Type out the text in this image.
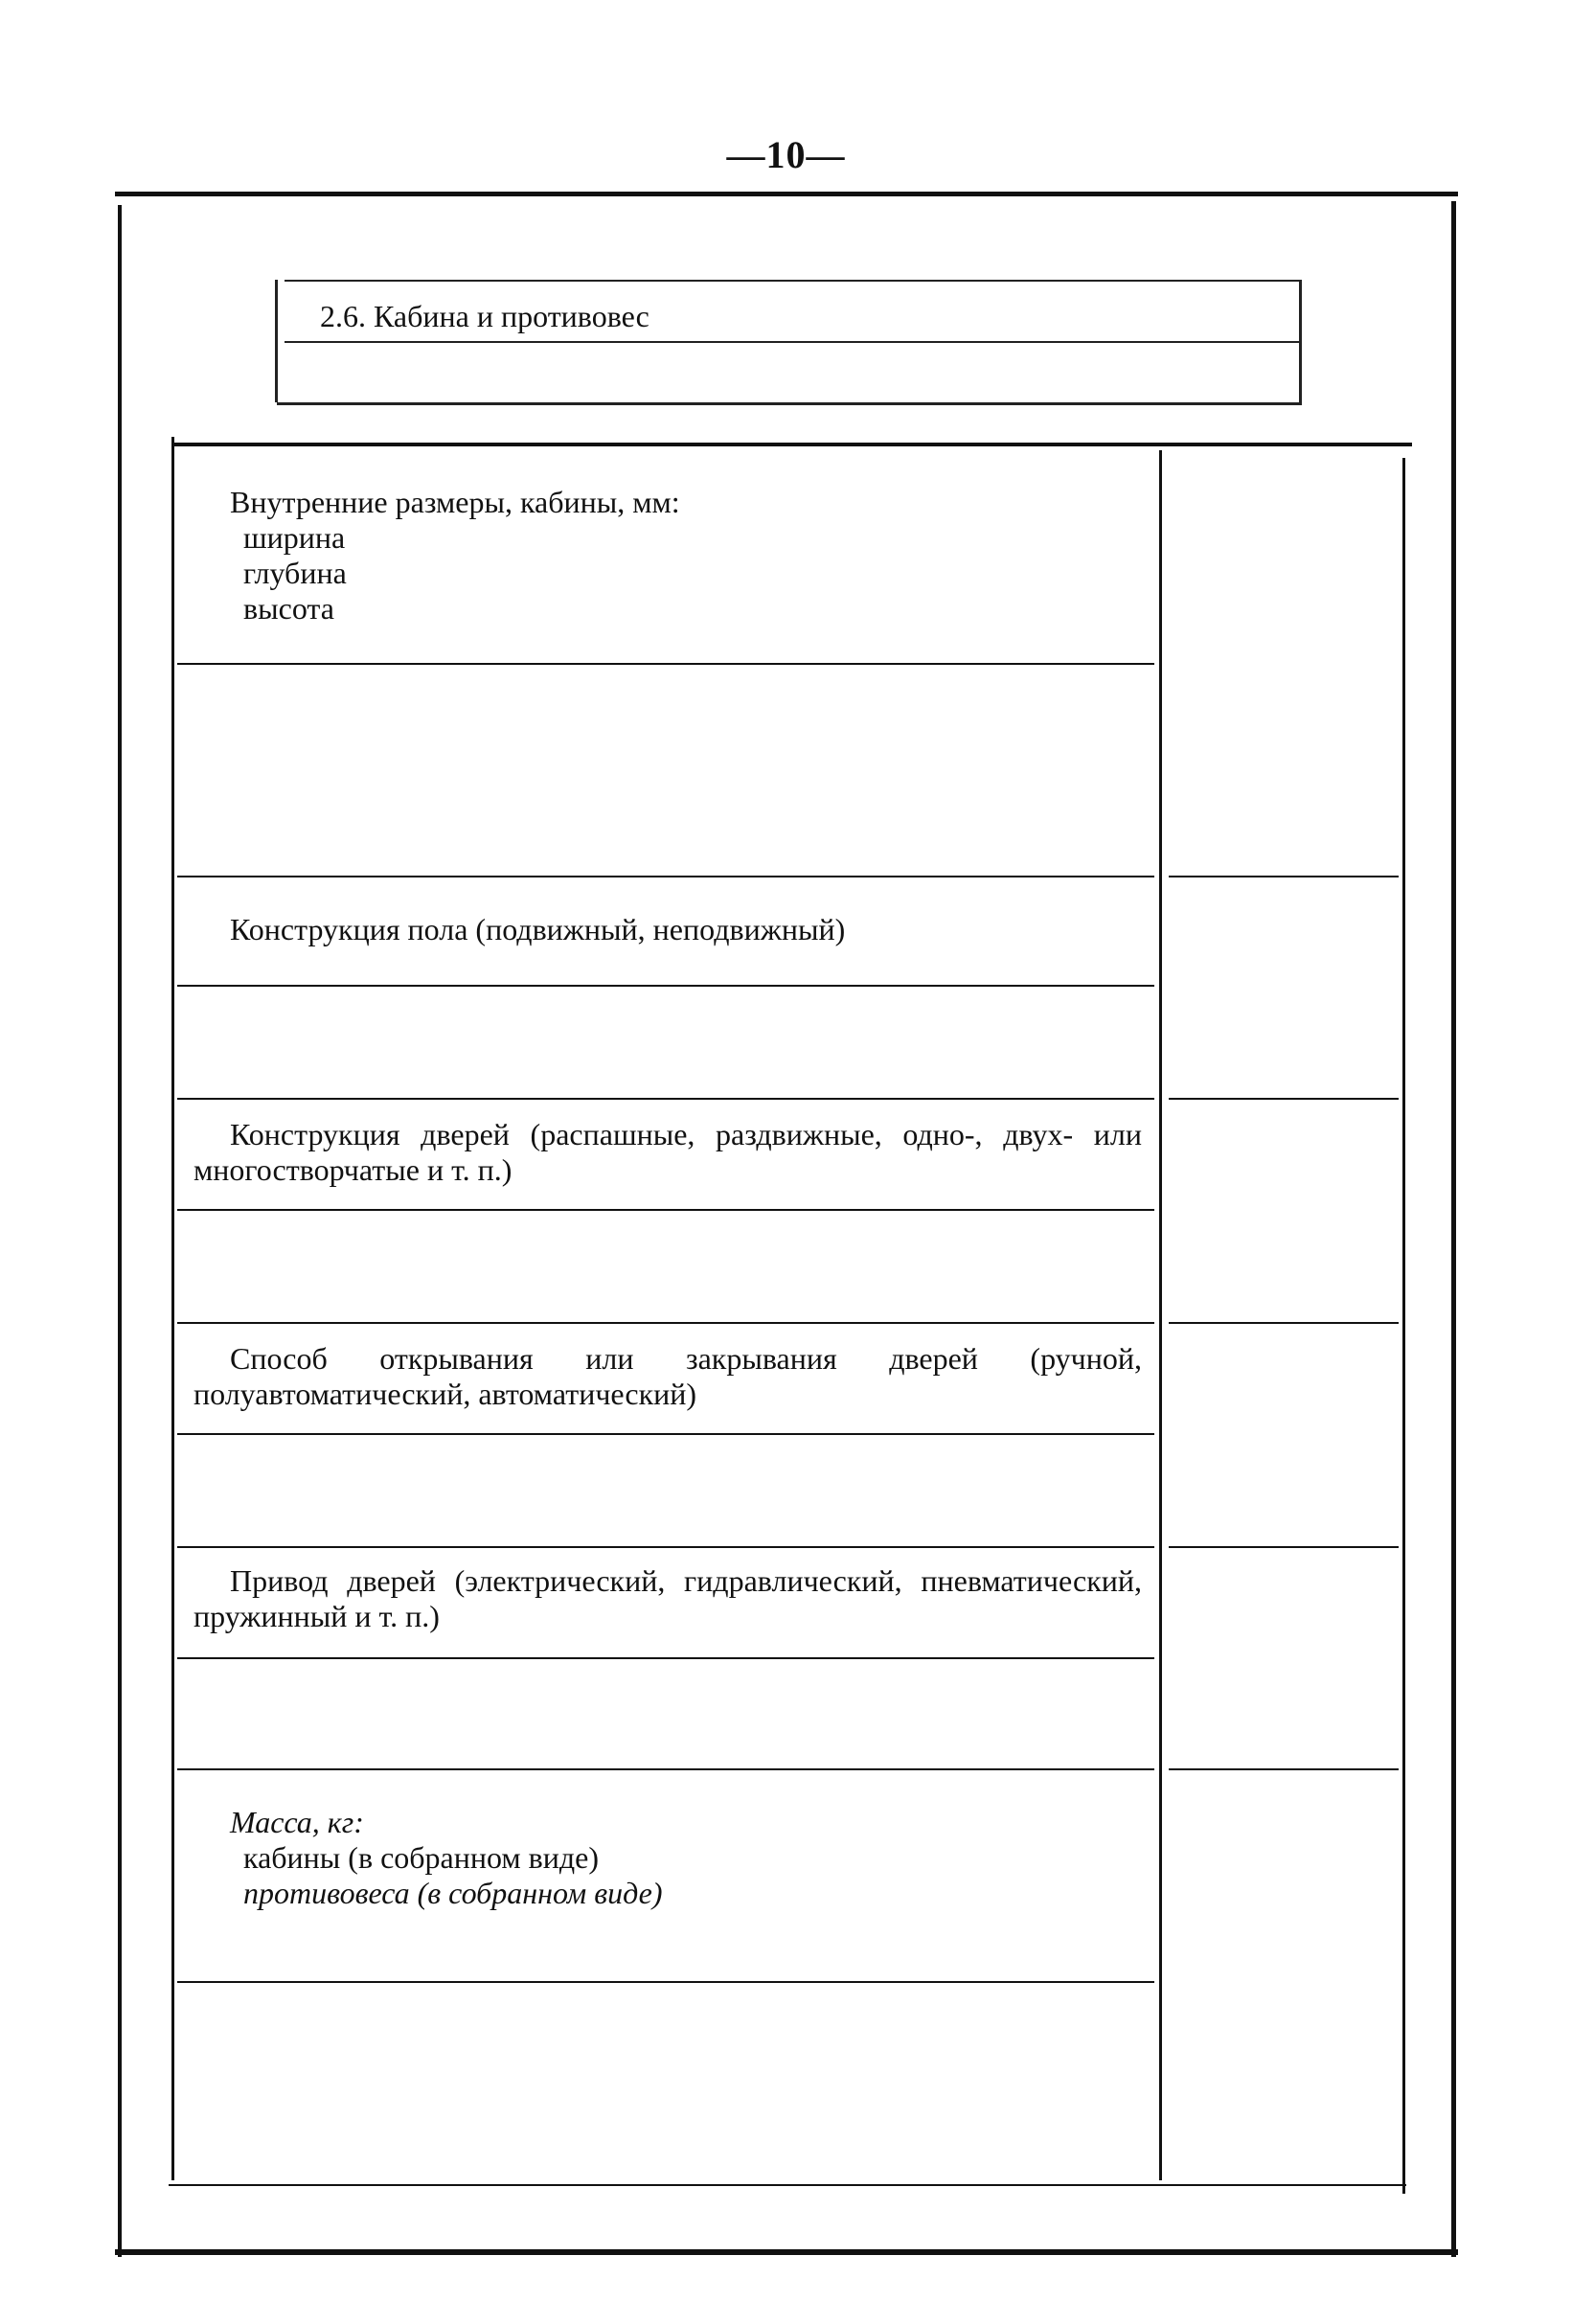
—10—
2.6. Кабина и противовес
Внутренние размеры, кабины, мм:
ширина
глубина
высота
Конструкция пола (подвижный, неподвижный)
Конструкция дверей (распашные, раздвижные, одно-, двух- или многостворчатые и т. п.)
Способ открывания или закрывания дверей (ручной, полуавтоматический, автоматический)
Привод дверей (электрический, гидравлический, пневматический, пружинный и т. п.)
Масса, кг:
кабины (в собранном виде)
противовеса (в собранном виде)
